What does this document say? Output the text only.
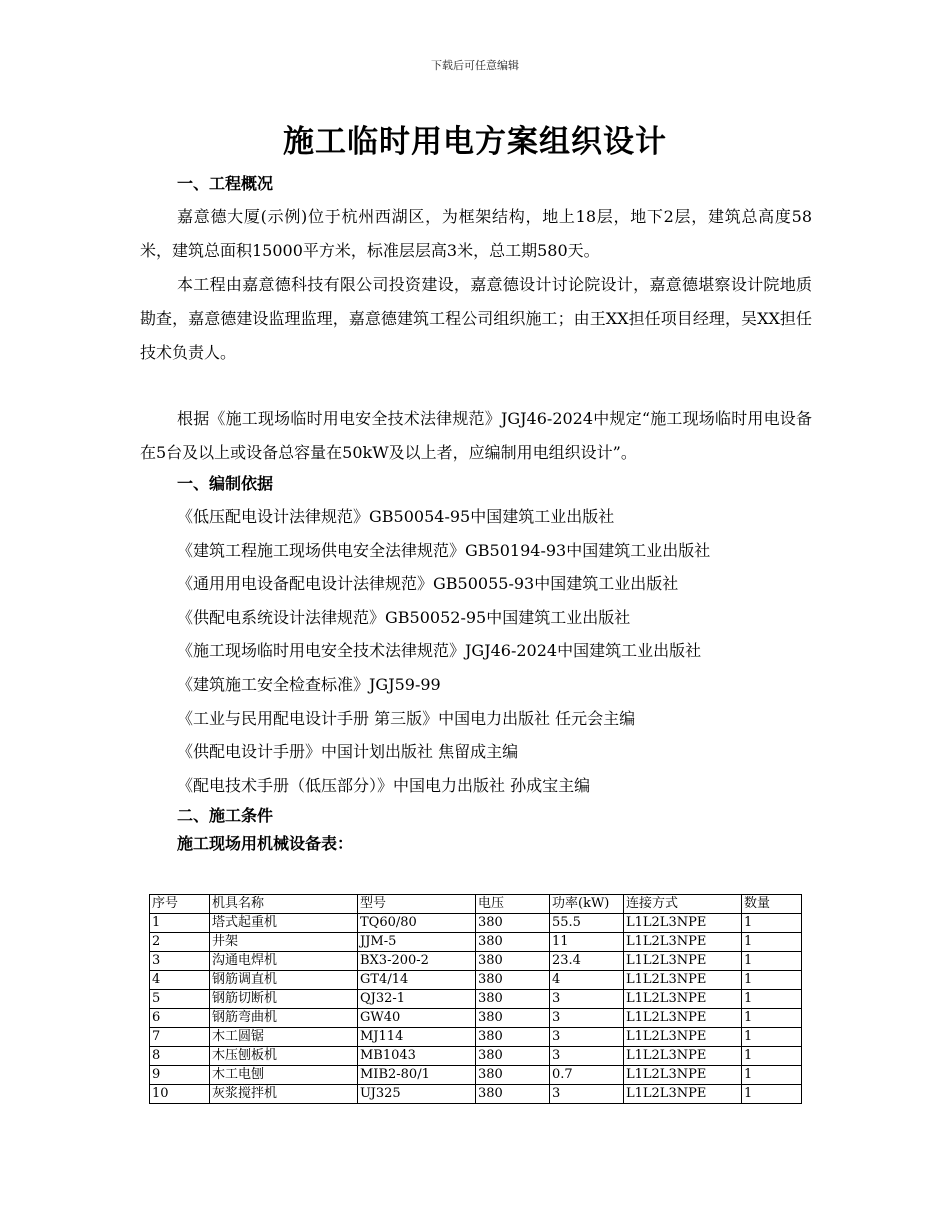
下载后可任意编辑
施工临时用电方案组织设计
一、工程概况

嘉意德大厦(示例)位于杭州西湖区，为框架结构，地上18层，地下2层，建筑总高度58米，建筑总面积15000平方米，标准层层高3米，总工期580天。

本工程由嘉意德科技有限公司投资建设，嘉意德设计讨论院设计，嘉意德堪察设计院地质勘查，嘉意德建设监理监理，嘉意德建筑工程公司组织施工；由王XX担任项目经理，吴XX担任技术负责人。

根据《施工现场临时用电安全技术法律规范》JGJ46-2024中规定“施工现场临时用电设备在5台及以上或设备总容量在50kW及以上者，应编制用电组织设计”。

一、编制依据
《低压配电设计法律规范》GB50054-95中国建筑工业出版社
《建筑工程施工现场供电安全法律规范》GB50194-93中国建筑工业出版社
《通用用电设备配电设计法律规范》GB50055-93中国建筑工业出版社
《供配电系统设计法律规范》GB50052-95中国建筑工业出版社
《施工现场临时用电安全技术法律规范》JGJ46-2024中国建筑工业出版社
《建筑施工安全检查标准》JGJ59-99
《工业与民用配电设计手册 第三版》中国电力出版社 任元会主编
《供配电设计手册》中国计划出版社 焦留成主编
《配电技术手册（低压部分）》中国电力出版社 孙成宝主编
二、施工条件
施工现场用机械设备表：
序号	机具名称	型号	电压	功率(kW)	连接方式	数量
1	塔式起重机	TQ60/80	380	55.5	L1L2L3NPE	1
2	井架	JJM-5	380	11	L1L2L3NPE	1
3	沟通电焊机	BX3-200-2	380	23.4	L1L2L3NPE	1
4	钢筋调直机	GT4/14	380	4	L1L2L3NPE	1
5	钢筋切断机	QJ32-1	380	3	L1L2L3NPE	1
6	钢筋弯曲机	GW40	380	3	L1L2L3NPE	1
7	木工圆锯	MJ114	380	3	L1L2L3NPE	1
8	木压刨板机	MB1043	380	3	L1L2L3NPE	1
9	木工电刨	MIB2-80/1	380	0.7	L1L2L3NPE	1
10	灰浆搅拌机	UJ325	380	3	L1L2L3NPE	1
